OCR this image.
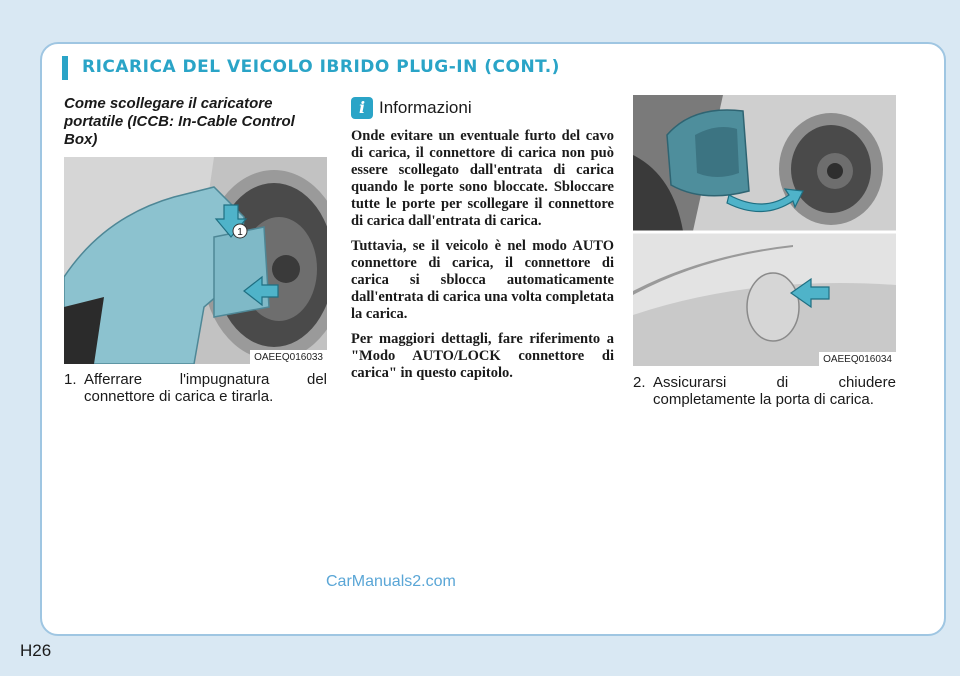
RICARICA DEL VEICOLO IBRIDO PLUG-IN (CONT.)
Come scollegare il caricatore portatile (ICCB: In-Cable Control Box)
1
OAEEQ016033
1. Afferrare l'impugnatura del
connettore di carica e tirarla.
i Informazioni

Onde evitare un eventuale furto del cavo di carica, il connettore di carica non può essere scollegato dall'entrata di carica quando le porte sono bloccate. Sbloccare tutte le porte per scollegare il connettore di carica dall'entrata di carica.

Tuttavia, se il veicolo è nel modo AUTO connettore di carica, il connettore di carica si sblocca automaticamente dall'entrata di carica una volta completata la carica.

Per maggiori dettagli, fare riferimento a "Modo AUTO/LOCK connettore di carica" in questo capitolo.

OAEEQ016034
2. Assicurarsi di chiudere
completamente la porta di carica.
CarManuals2.com
H26
